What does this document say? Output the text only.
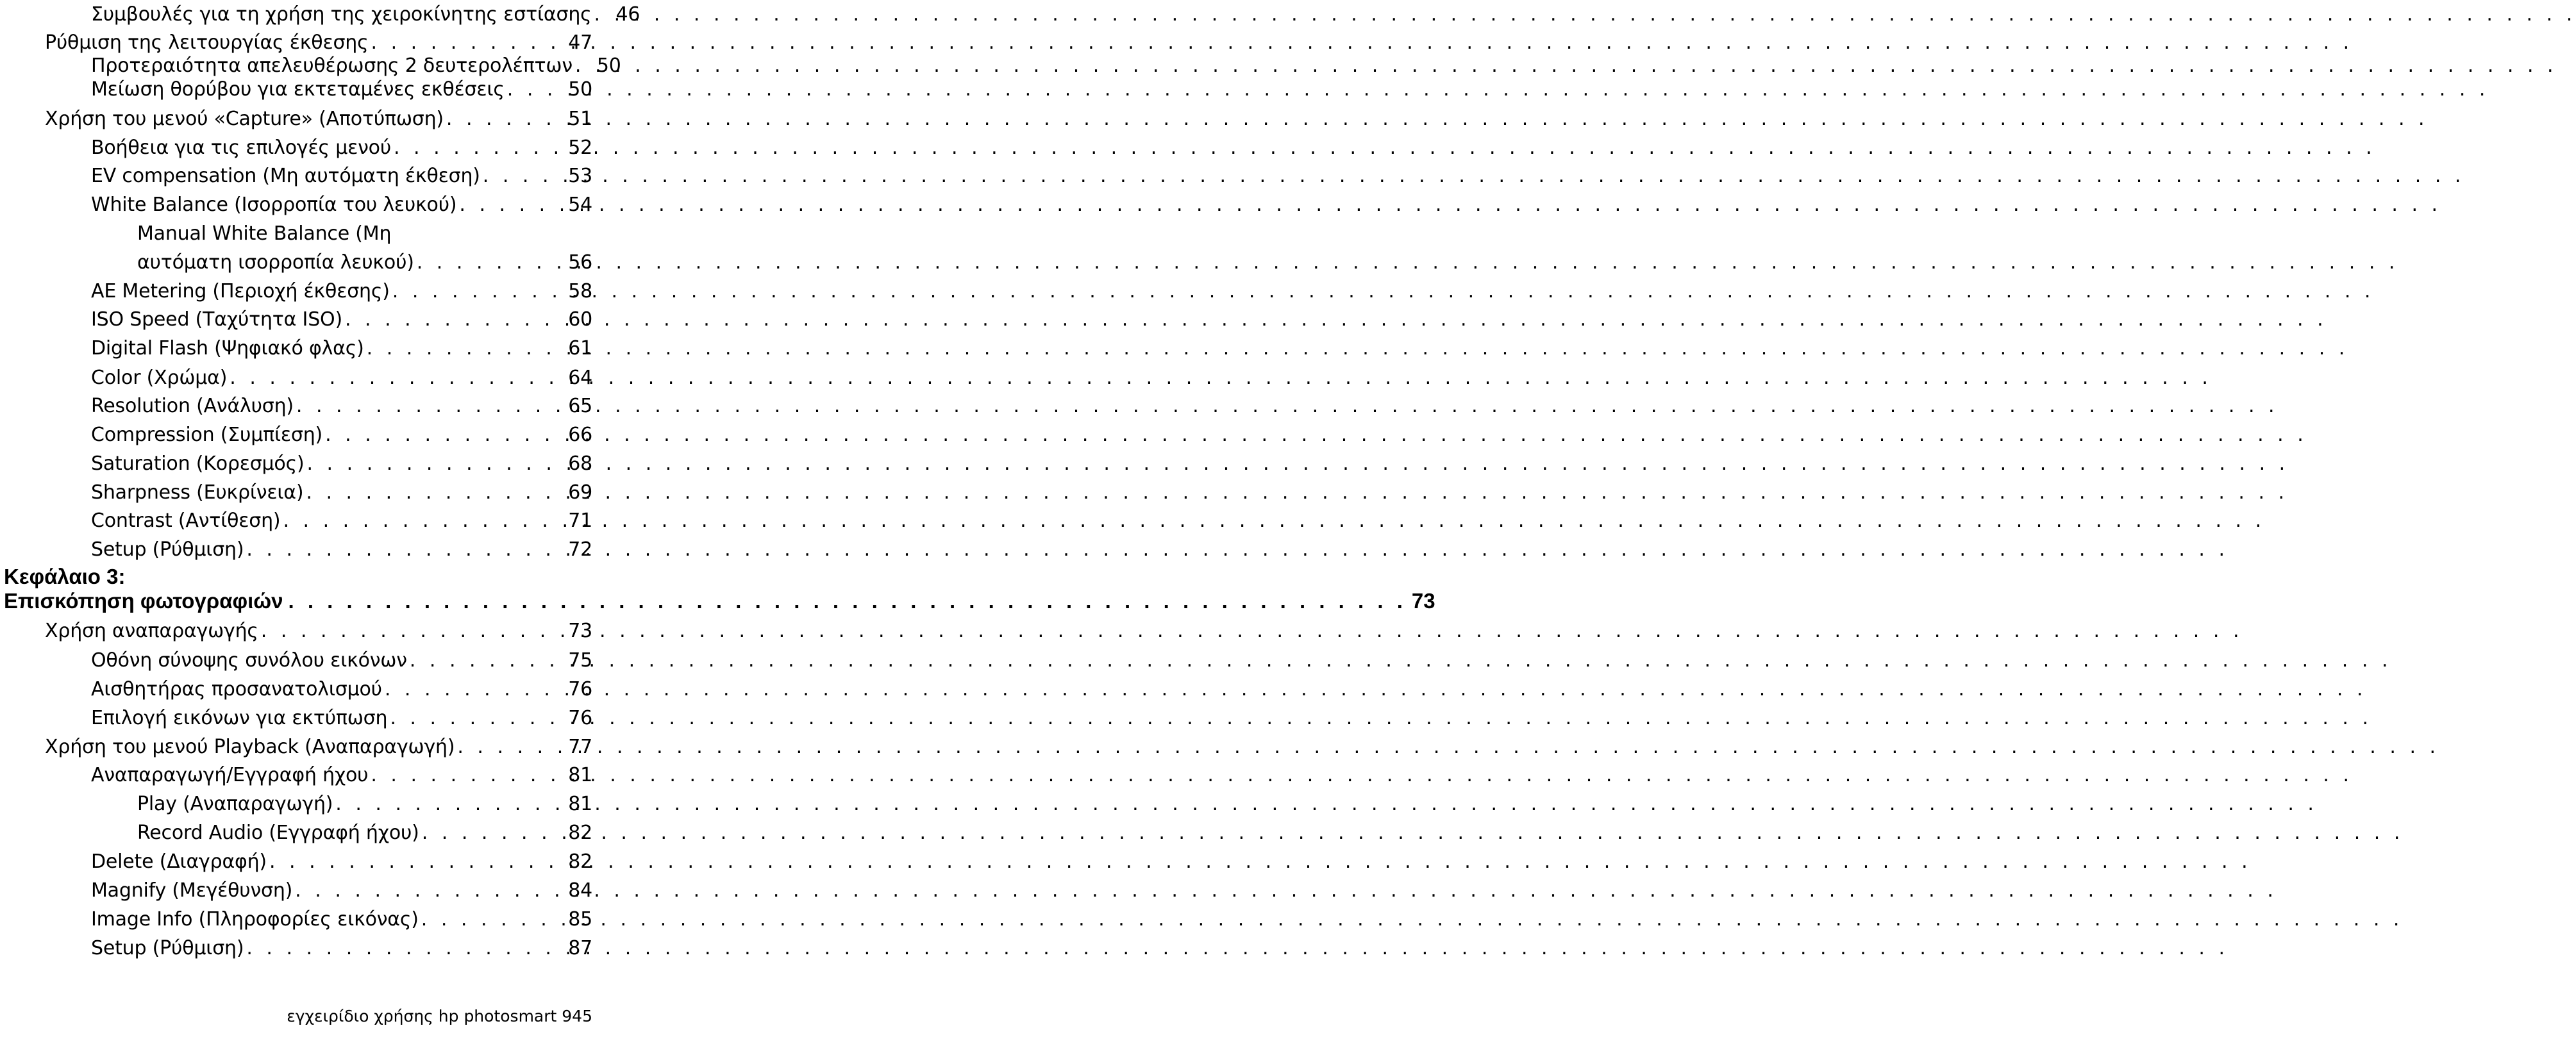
Συμβουλές για τη χρήση της χειροκίνητης εστίασης . . . 46
Ρύθμιση της λειτουργίας έκθεσης . . .	47
Προτεραιότητα απελευθέρωσης 2 δευτερολέπτων . . . 50
Μείωση θορύβου για εκτεταμένες εκθέσεις . . .	50
Χρήση του μενού «Capture» (Αποτύπωση) . . .	51
Βοήθεια για τις επιλογές μενού . . .	52
EV compensation (Μη αυτόματη έκθεση) . . .	53
White Balance (Ισορροπία του λευκού) . . .	54
Manual White Balance (Μη
αυτόματη ισορροπία λευκού) . . .	56
AE Metering (Περιοχή έκθεσης) . . .	58
ISO Speed (Ταχύτητα ISO) . . .	60
Digital Flash (Ψηφιακό φλας) . . .	61
Color (Χρώμα) . . .	64
Resolution (Ανάλυση) . . .	65
Compression (Συμπίεση) . . .	66
Saturation (Κορεσμός) . . .	68
Sharpness (Ευκρίνεια) . . .	69
Contrast (Αντίθεση) . . .	71
Setup (Ρύθμιση) . . .	72
Κεφάλαιο 3:
Επισκόπηση φωτογραφιών . . .	73
Χρήση αναπαραγωγής . . .	73
Οθόνη σύνοψης συνόλου εικόνων . . .	75
Αισθητήρας προσανατολισμού . . .	76
Επιλογή εικόνων για εκτύπωση . . .	76
Χρήση του μενού Playback (Αναπαραγωγή) . . .	77
Αναπαραγωγή/Εγγραφή ήχου . . .	81
Play (Αναπαραγωγή) . . .	81
Record Audio (Εγγραφή ήχου) . . .	82
Delete (Διαγραφή) . . .	82
Magnify (Μεγέθυνση) . . .	84
Image Info (Πληροφορίες εικόνας) . . .	85
Setup (Ρύθμιση) . . .	87
εγχειρίδιο χρήσης hp photosmart 945
